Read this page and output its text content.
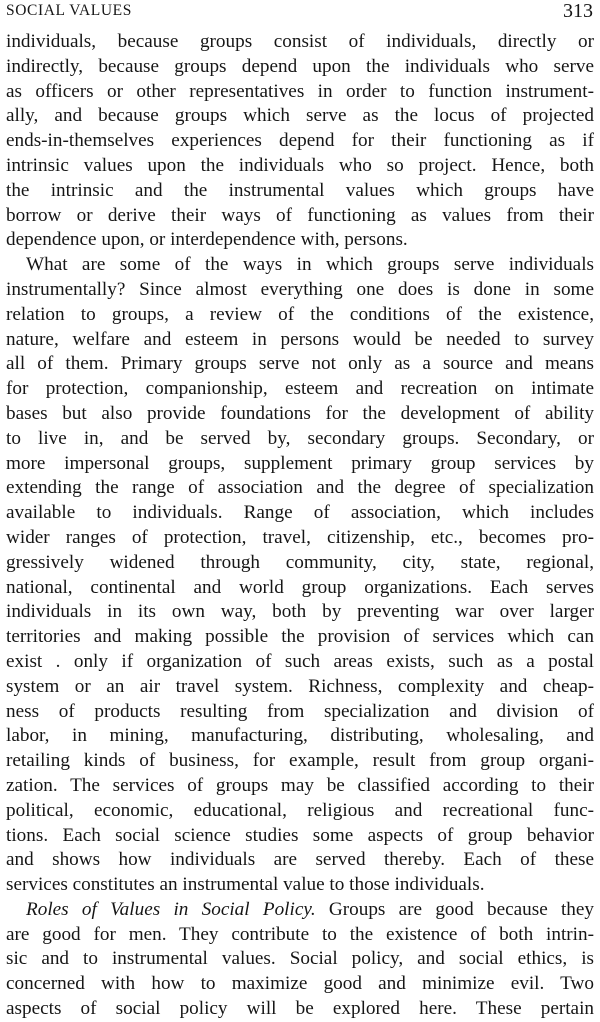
SOCIAL VALUES	313
individuals, because groups consist of individuals, directly or
indirectly, because groups depend upon the individuals who serve
as officers or other representatives in order to function instrument-
ally, and because groups which serve as the locus of projected
ends-in-themselves experiences depend for their functioning as if
intrinsic values upon the individuals who so project. Hence, both
the intrinsic and the instrumental values which groups have
borrow or derive their ways of functioning as values from their
dependence upon, or interdependence with, persons.
What are some of the ways in which groups serve individuals
instrumentally? Since almost everything one does is done in some
relation to groups, a review of the conditions of the existence,
nature, welfare and esteem in persons would be needed to survey
all of them. Primary groups serve not only as a source and means
for protection, companionship, esteem and recreation on intimate
bases but also provide foundations for the development of ability
to live in, and be served by, secondary groups. Secondary, or
more impersonal groups, supplement primary group services by
extending the range of association and the degree of specialization
available to individuals. Range of association, which includes
wider ranges of protection, travel, citizenship, etc., becomes pro-
gressively widened through community, city, state, regional,
national, continental and world group organizations. Each serves
individuals in its own way, both by preventing war over larger
territories and making possible the provision of services which can
exist . only if organization of such areas exists, such as a postal
system or an air travel system. Richness, complexity and cheap-
ness of products resulting from specialization and division of
labor, in mining, manufacturing, distributing, wholesaling, and
retailing kinds of business, for example, result from group organi-
zation. The services of groups may be classified according to their
political, economic, educational, religious and recreational func-
tions. Each social science studies some aspects of group behavior
and shows how individuals are served thereby. Each of these
services constitutes an instrumental value to those individuals.
Roles of Values in Social Policy. Groups are good because they
are good for men. They contribute to the existence of both intrin-
sic and to instrumental values. Social policy, and social ethics, is
concerned with how to maximize good and minimize evil. Two
aspects of social policy will be explored here. These pertain
